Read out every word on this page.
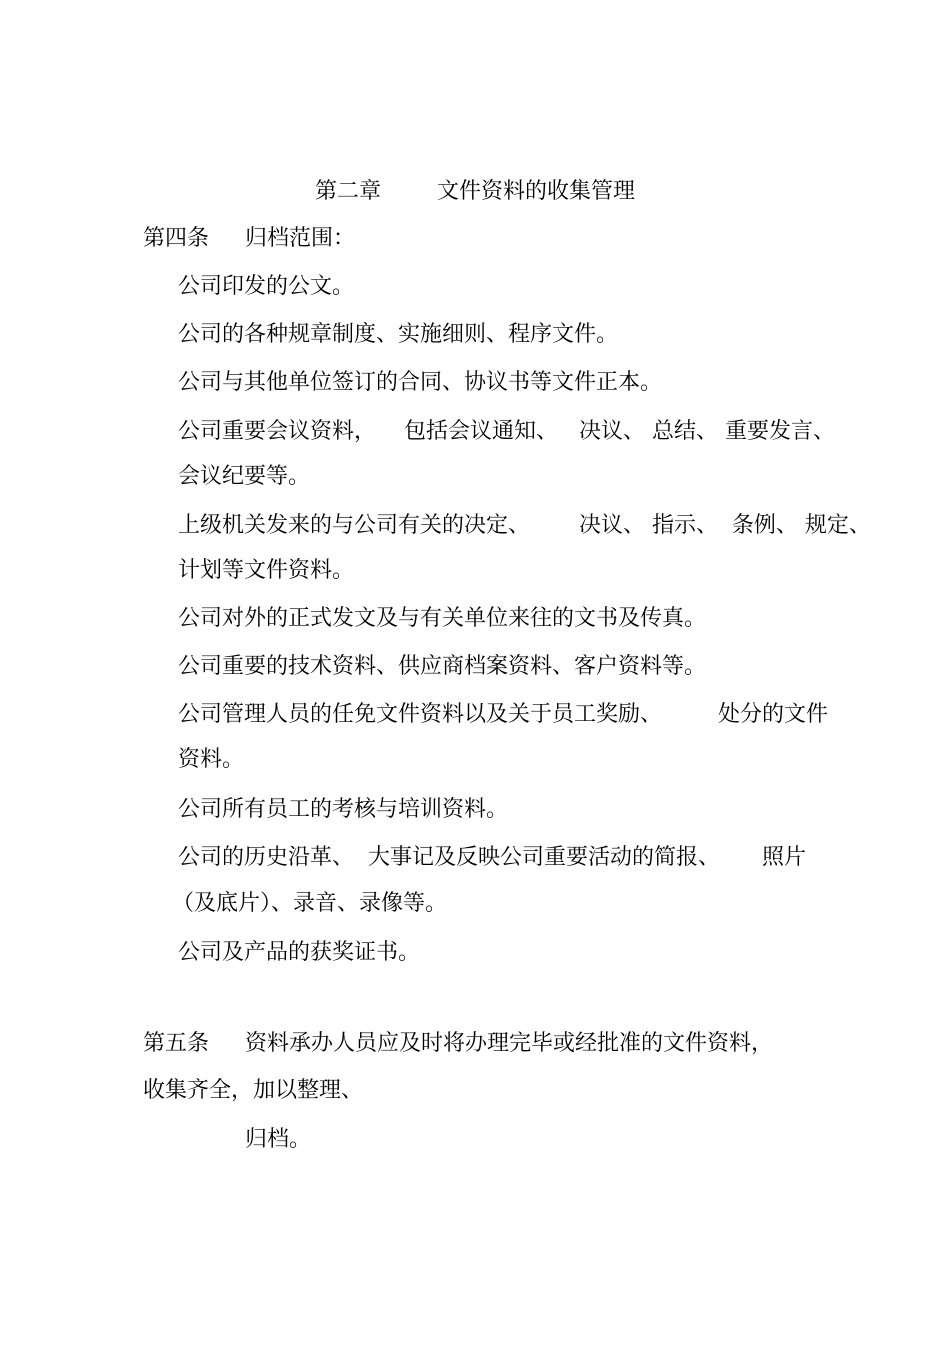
第二章        文件资料的收集管理
第四条 归档范围：
公司印发的公文。
公司的各种规章制度、实施细则、程序文件。
公司与其他单位签订的合同、协议书等文件正本。
公司重要会议资料，    包括会议通知、   决议、 总结、 重要发言、
会议纪要等。
上级机关发来的与公司有关的决定、       决议、 指示、  条例、 规定、
计划等文件资料。
公司对外的正式发文及与有关单位来往的文书及传真。
公司重要的技术资料、供应商档案资料、客户资料等。
公司管理人员的任免文件资料以及关于员工奖励、        处分的文件
资料。
公司所有员工的考核与培训资料。
公司的历史沿革、  大事记及反映公司重要活动的简报、      照片
（及底片）、录音、录像等。
公司及产品的获奖证书。
第五条 资料承办人员应及时将办理完毕或经批准的文件资料，
收集齐全，加以整理、
归档。
